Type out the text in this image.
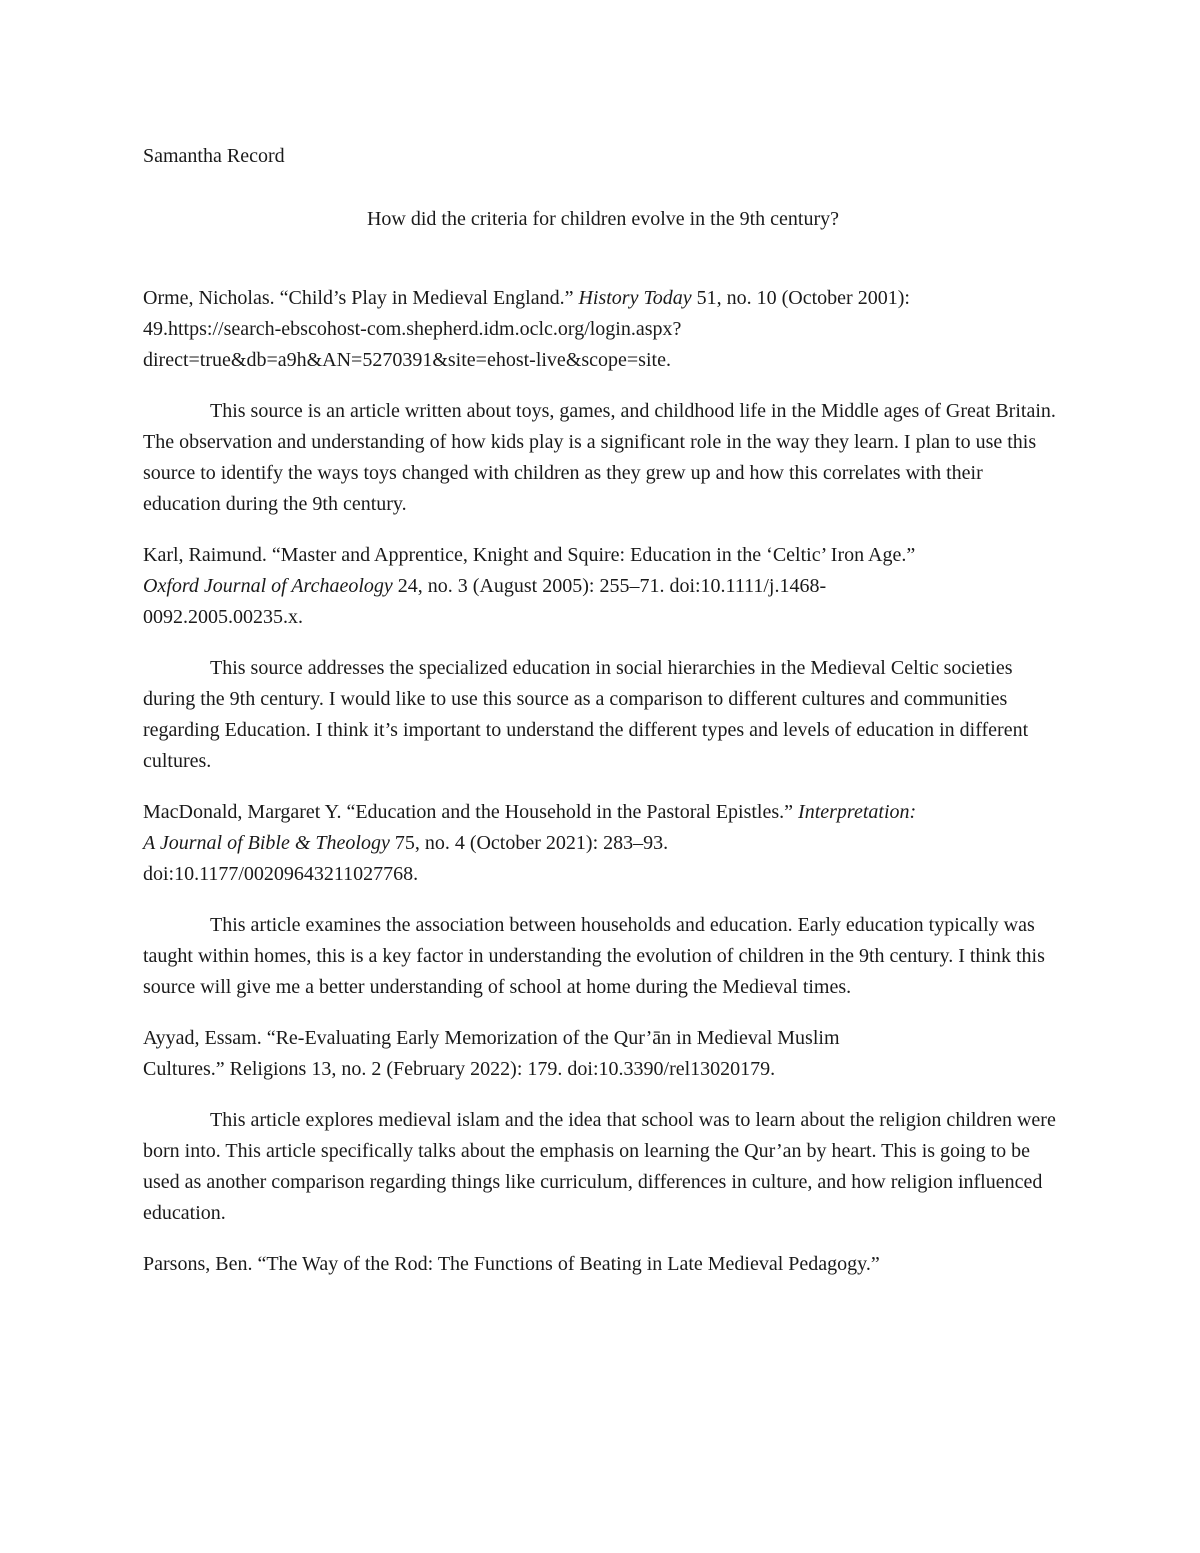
Samantha Record

How did the criteria for children evolve in the 9th century?

Orme, Nicholas. “Child’s Play in Medieval England.” History Today 51, no. 10 (October 2001):
49.https://search-ebscohost-com.shepherd.idm.oclc.org/login.aspx?
direct=true&db=a9h&AN=5270391&site=ehost-live&scope=site.

This source is an article written about toys, games, and childhood life in the Middle ages of Great Britain. The observation and understanding of how kids play is a significant role in the way they learn. I plan to use this source to identify the ways toys changed with children as they grew up and how this correlates with their education during the 9th century.

Karl, Raimund. “Master and Apprentice, Knight and Squire: Education in the ‘Celtic’ Iron Age.”
Oxford Journal of Archaeology 24, no. 3 (August 2005): 255–71. doi:10.1111/j.1468-
0092.2005.00235.x.

This source addresses the specialized education in social hierarchies in the Medieval Celtic societies during the 9th century. I would like to use this source as a comparison to different cultures and communities regarding Education. I think it’s important to understand the different types and levels of education in different cultures.

MacDonald, Margaret Y. “Education and the Household in the Pastoral Epistles.” Interpretation:
A Journal of Bible & Theology 75, no. 4 (October 2021): 283–93.
doi:10.1177/00209643211027768.

This article examines the association between households and education. Early education typically was taught within homes, this is a key factor in understanding the evolution of children in the 9th century. I think this source will give me a better understanding of school at home during the Medieval times.

Ayyad, Essam. “Re-Evaluating Early Memorization of the Qur’ān in Medieval Muslim
Cultures.” Religions 13, no. 2 (February 2022): 179. doi:10.3390/rel13020179.

This article explores medieval islam and the idea that school was to learn about the religion children were born into. This article specifically talks about the emphasis on learning the Qur’an by heart. This is going to be used as another comparison regarding things like curriculum, differences in culture, and how religion influenced education.

Parsons, Ben. “The Way of the Rod: The Functions of Beating in Late Medieval Pedagogy.”
